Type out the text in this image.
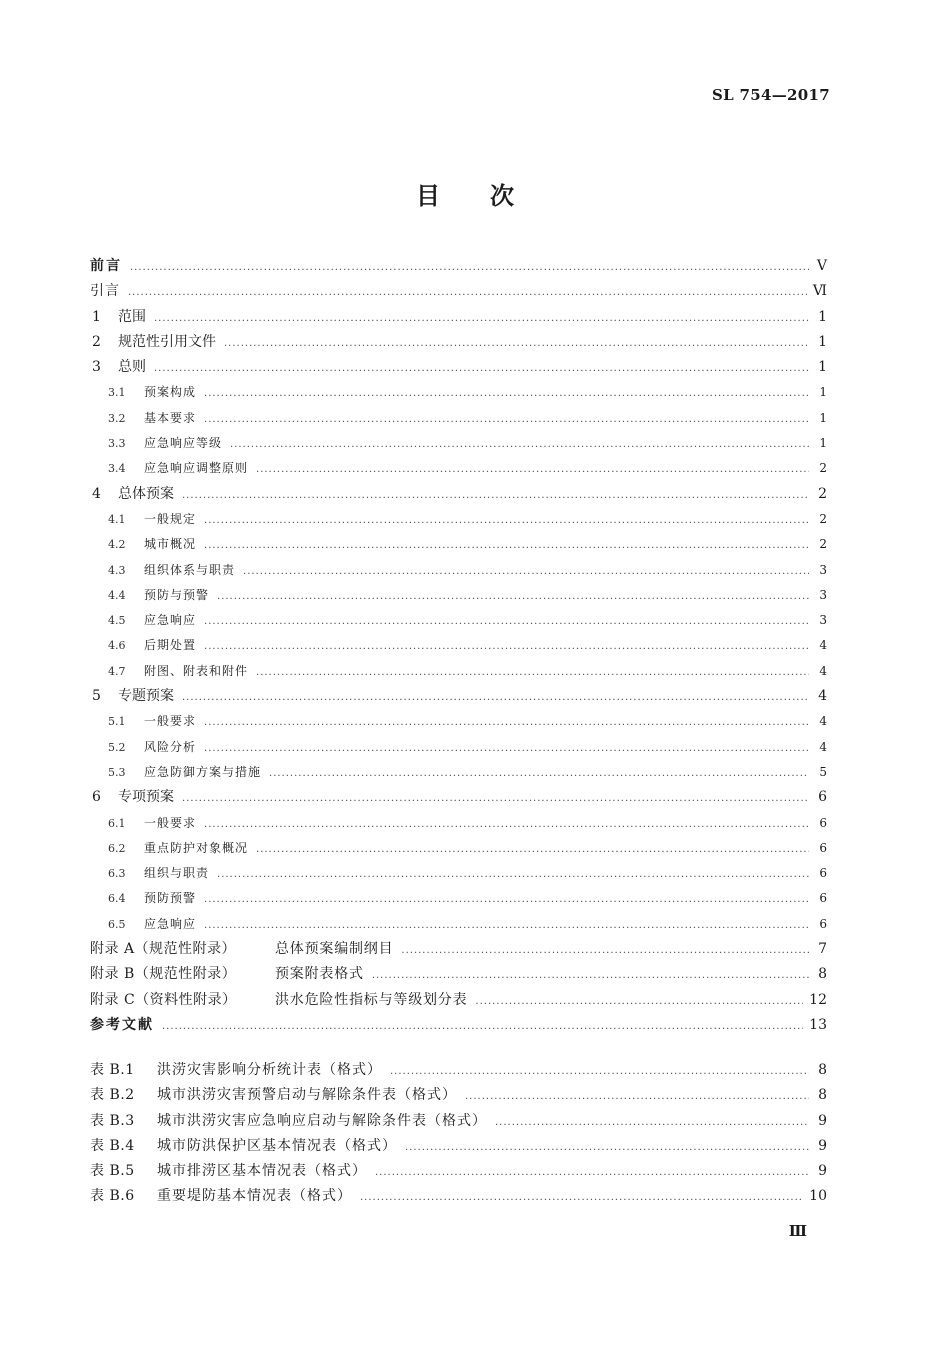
SL 754—2017
目次
前言 .....	Ⅴ
引言 .....	Ⅵ
1	范围 .....	1
2	规范性引用文件 .....	1
3	总则 .....	1
3.1	预案构成 .....	1
3.2	基本要求 .....	1
3.3	应急响应等级 .....	1
3.4	应急响应调整原则 .....	2
4	总体预案 .....	2
4.1	一般规定 .....	2
4.2	城市概况 .....	2
4.3	组织体系与职责 .....	3
4.4	预防与预警 .....	3
4.5	应急响应 .....	3
4.6	后期处置 .....	4
4.7	附图、附表和附件 .....	4
5	专题预案 .....	4
5.1	一般要求 .....	4
5.2	风险分析 .....	4
5.3	应急防御方案与措施 .....	5
6	专项预案 .....	6
6.1	一般要求 .....	6
6.2	重点防护对象概况 .....	6
6.3	组织与职责 .....	6
6.4	预防预警 .....	6
6.5	应急响应 .....	6
附录 A（规范性附录）	总体预案编制纲目 .....	7
附录 B（规范性附录）	预案附表格式 .....	8
附录 C（资料性附录）	洪水危险性指标与等级划分表 .....	12
参考文献 .....	13
表 B.1	洪涝灾害影响分析统计表（格式） .....	8
表 B.2	城市洪涝灾害预警启动与解除条件表（格式） .....	8
表 B.3	城市洪涝灾害应急响应启动与解除条件表（格式） .....	9
表 B.4	城市防洪保护区基本情况表（格式） .....	9
表 B.5	城市排涝区基本情况表（格式） .....	9
表 B.6	重要堤防基本情况表（格式） .....	10
Ⅲ
